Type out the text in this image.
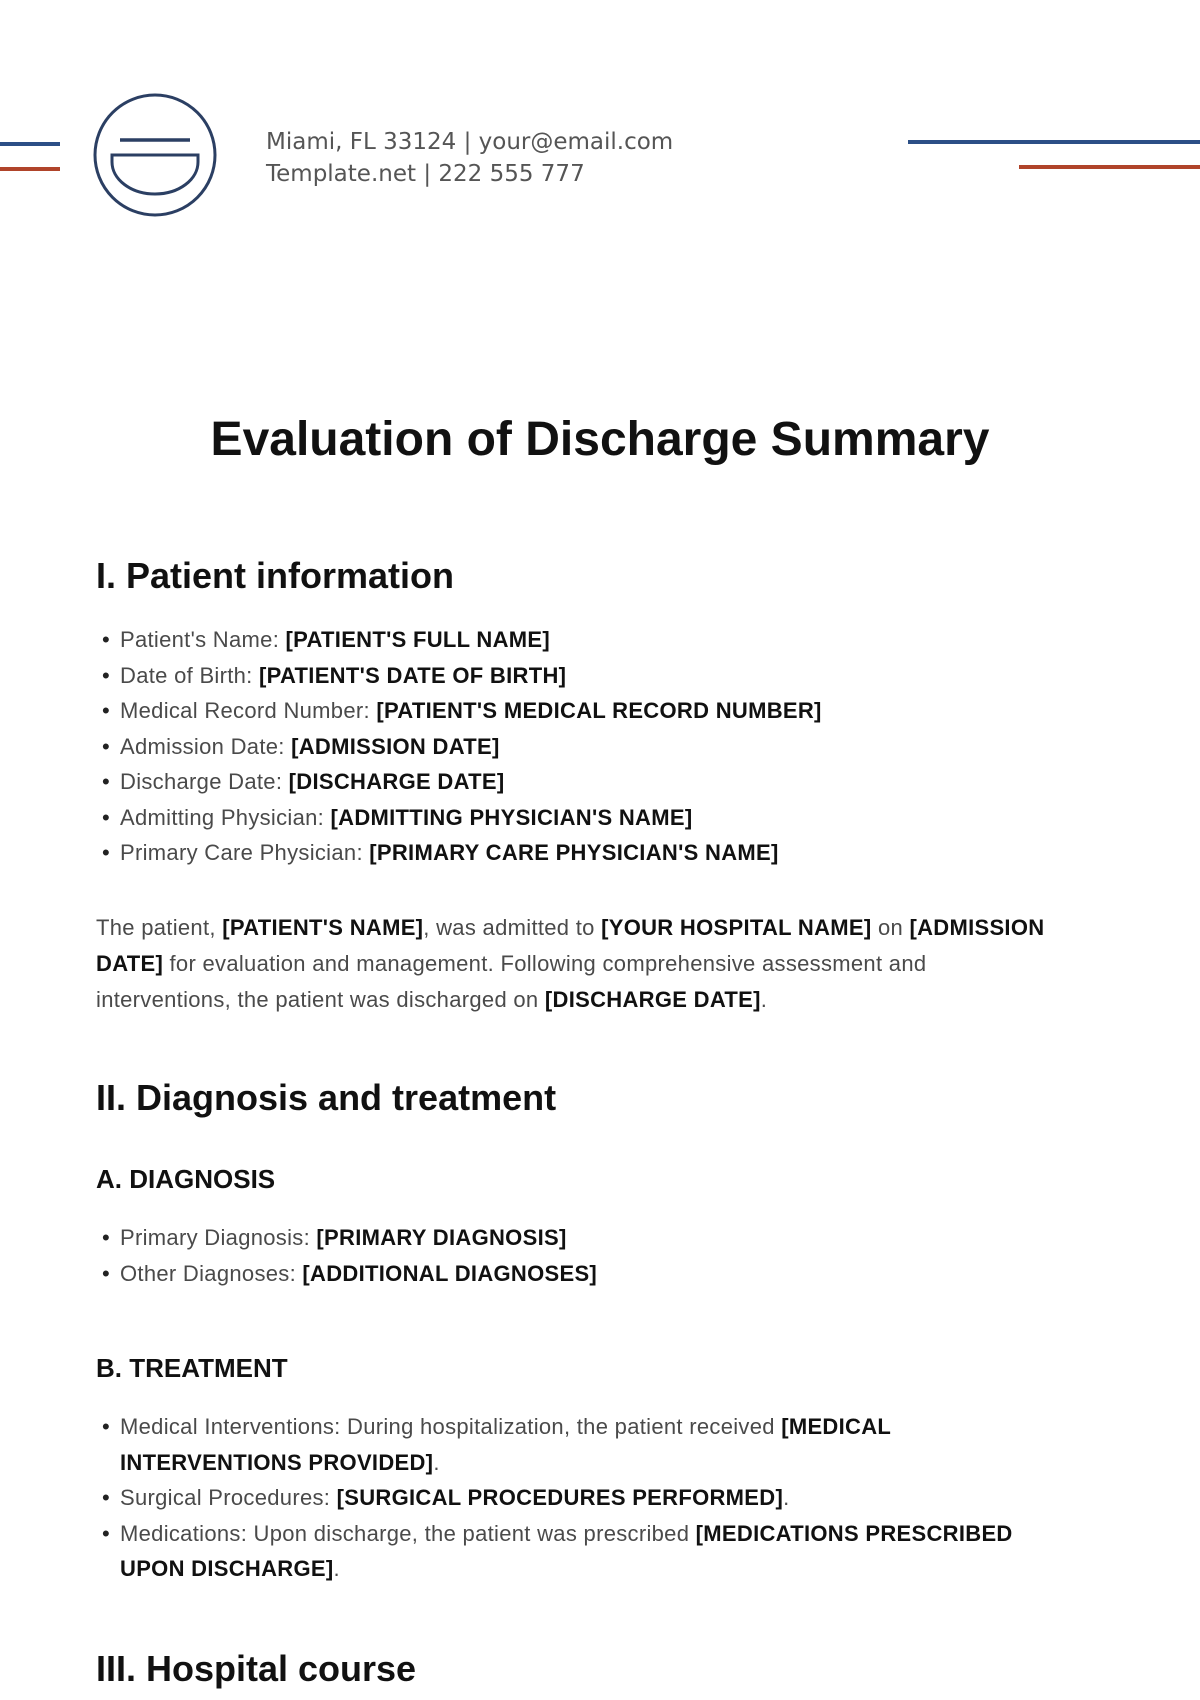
Miami, FL 33124 | your@email.com
Template.net | 222 555 777
Evaluation of Discharge Summary
I. Patient information
• Patient's Name: [PATIENT'S FULL NAME]
• Date of Birth: [PATIENT'S DATE OF BIRTH]
• Medical Record Number: [PATIENT'S MEDICAL RECORD NUMBER]
• Admission Date: [ADMISSION DATE]
• Discharge Date: [DISCHARGE DATE]
• Admitting Physician: [ADMITTING PHYSICIAN'S NAME]
• Primary Care Physician: [PRIMARY CARE PHYSICIAN'S NAME]

The patient, [PATIENT'S NAME], was admitted to [YOUR HOSPITAL NAME] on [ADMISSION DATE] for evaluation and management. Following comprehensive assessment and interventions, the patient was discharged on [DISCHARGE DATE].

II. Diagnosis and treatment
A. DIAGNOSIS
• Primary Diagnosis: [PRIMARY DIAGNOSIS]
• Other Diagnoses: [ADDITIONAL DIAGNOSES]
B. TREATMENT
• Medical Interventions: During hospitalization, the patient received [MEDICAL INTERVENTIONS PROVIDED].
• Surgical Procedures: [SURGICAL PROCEDURES PERFORMED].
• Medications: Upon discharge, the patient was prescribed [MEDICATIONS PRESCRIBED UPON DISCHARGE].
III. Hospital course
